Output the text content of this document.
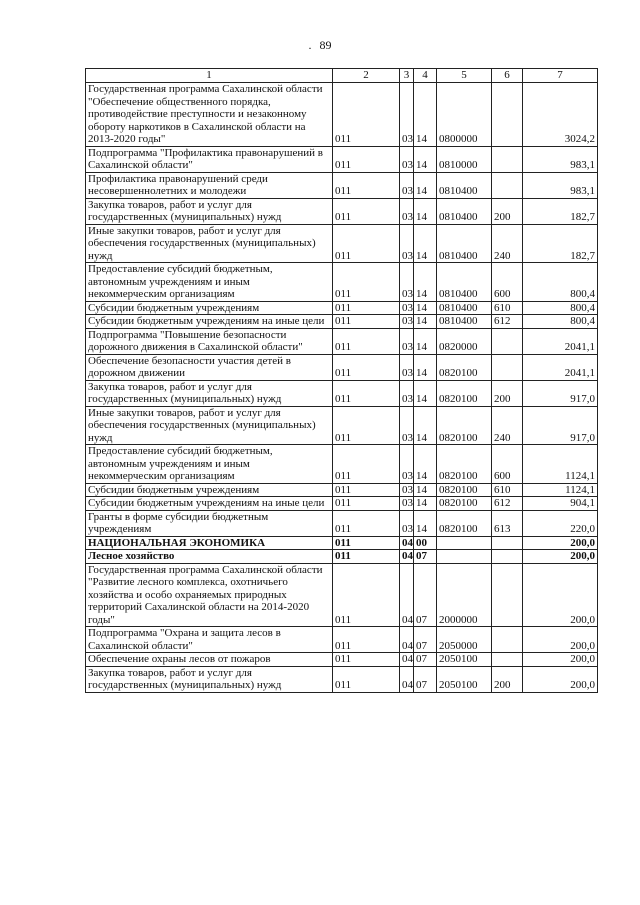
. 89
1	2	3	4	5	6	7
Государственная программа Сахалинской области "Обеспечение общественного порядка, противодействие преступности и незаконному обороту наркотиков в Сахалинской области на 2013-2020 годы"	011	03	14	0800000		3024,2
Подпрограмма "Профилактика правонарушений в Сахалинской области"	011	03	14	0810000		983,1
Профилактика правонарушений среди несовершеннолетних и молодежи	011	03	14	0810400		983,1
Закупка товаров, работ и услуг для государственных (муниципальных) нужд	011	03	14	0810400	200	182,7
Иные закупки товаров, работ и услуг для обеспечения государственных (муниципальных) нужд	011	03	14	0810400	240	182,7
Предоставление субсидий бюджетным, автономным учреждениям и иным некоммерческим организациям	011	03	14	0810400	600	800,4
Субсидии бюджетным учреждениям	011	03	14	0810400	610	800,4
Субсидии бюджетным учреждениям на иные цели	011	03	14	0810400	612	800,4
Подпрограмма "Повышение безопасности дорожного движения в Сахалинской области"	011	03	14	0820000		2041,1
Обеспечение безопасности участия детей в дорожном движении	011	03	14	0820100		2041,1
Закупка товаров, работ и услуг для государственных (муниципальных) нужд	011	03	14	0820100	200	917,0
Иные закупки товаров, работ и услуг для обеспечения государственных (муниципальных) нужд	011	03	14	0820100	240	917,0
Предоставление субсидий бюджетным, автономным учреждениям и иным некоммерческим организациям	011	03	14	0820100	600	1124,1
Субсидии бюджетным учреждениям	011	03	14	0820100	610	1124,1
Субсидии бюджетным учреждениям на иные цели	011	03	14	0820100	612	904,1
Гранты в форме субсидии бюджетным учреждениям	011	03	14	0820100	613	220,0
НАЦИОНАЛЬНАЯ ЭКОНОМИКА	011	04	00			200,0
Лесное хозяйство	011	04	07			200,0
Государственная программа Сахалинской области "Развитие лесного комплекса, охотничьего хозяйства и особо охраняемых природных территорий Сахалинской области на 2014-2020 годы"	011	04	07	2000000		200,0
Подпрограмма "Охрана и защита лесов в Сахалинской области"	011	04	07	2050000		200,0
Обеспечение охраны лесов от пожаров	011	04	07	2050100		200,0
Закупка товаров, работ и услуг для государственных (муниципальных) нужд	011	04	07	2050100	200	200,0
